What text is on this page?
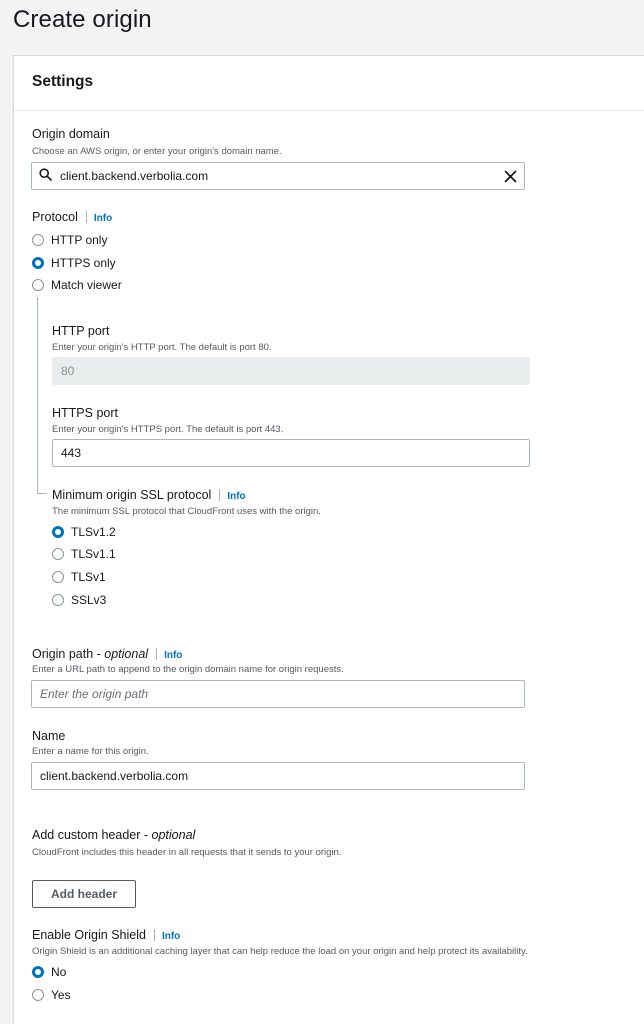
Create origin
Settings
Origin domain
Choose an AWS origin, or enter your origin's domain name.
client.backend.verbolia.com
Protocol Info
HTTP only
HTTPS only
Match viewer
HTTP port
Enter your origin's HTTP port. The default is port 80.
80
HTTPS port
Enter your origin's HTTPS port. The default is port 443.
443
Minimum origin SSL protocol Info
The minimum SSL protocol that CloudFront uses with the origin.
TLSv1.2
TLSv1.1
TLSv1
SSLv3
Origin path - optional Info
Enter a URL path to append to the origin domain name for origin requests.
Enter the origin path
Name
Enter a name for this origin.
client.backend.verbolia.com
Add custom header - optional
CloudFront includes this header in all requests that it sends to your origin.
Add header
Enable Origin Shield Info
Origin Shield is an additional caching layer that can help reduce the load on your origin and help protect its availability.
No
Yes
